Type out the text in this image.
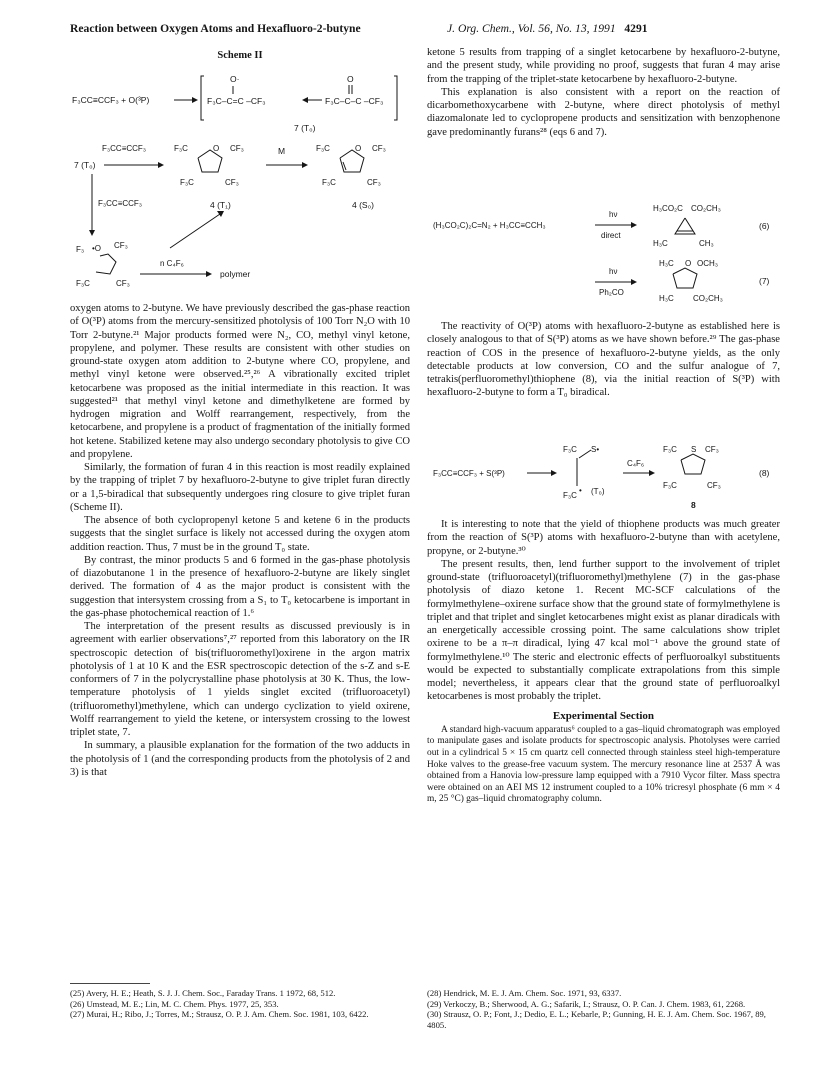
Reaction between Oxygen Atoms and Hexafluoro-2-butyne	J. Org. Chem., Vol. 56, No. 13, 1991 4291
Scheme II
F₃CC≡CCF₃ + O(³P)	F₃C–C=C –CF₃
O·
F₃C–C–C –CF₃
O
7 (T₀)
7 (T₀)
F₃CC≡CCF₃	F₃C	O CF₃
F₃C	CF₃
4 (T₁)
M	F₃C	O CF₃
F₃C	CF₃
4 (S₀)
F₃CC≡CCF₃
F₃ •O CF₃
F₃C	CF₃
n C₄F₆
polymer

oxygen atoms to 2-butyne. We have previously described the gas-phase reaction of O(³P) atoms from the mercury-sensitized photolysis of 100 Torr N₂O with 10 Torr 2-butyne.²¹ Major products formed were N₂, CO, methyl vinyl ketone, propylene, and polymer. These results are consistent with other studies on ground-state oxygen atom addition to 2-butyne where CO, propylene, and methyl vinyl ketone were observed.²⁵,²⁶ A vibrationally excited triplet ketocarbene was proposed as the initial intermediate in this reaction. It was suggested²¹ that methyl vinyl ketone and dimethylketene are formed by hydrogen migration and Wolff rearrangement, respectively, from the ketocarbene, and propylene is a product of fragmentation of the initially formed hot ketene. Stabilized ketene may also undergo secondary photolysis to give CO and propylene.

Similarly, the formation of furan 4 in this reaction is most readily explained by the trapping of triplet 7 by hexafluoro-2-butyne to give triplet furan directly or a 1,5-biradical that subsequently undergoes ring closure to give triplet furan (Scheme II).

The absence of both cyclopropenyl ketone 5 and ketene 6 in the products suggests that the singlet surface is likely not accessed during the oxygen atom addition reaction. Thus, 7 must be in the ground T₀ state.

By contrast, the minor products 5 and 6 formed in the gas-phase photolysis of diazobutanone 1 in the presence of hexafluoro-2-butyne are likely singlet derived. The formation of 4 as the major product is consistent with the suggestion that intersystem crossing from a S₁ to T₀ ketocarbene is important in the gas-phase photochemical reaction of 1.⁶

The interpretation of the present results as discussed previously is in agreement with earlier observations⁷,²⁷ reported from this laboratory on the IR spectroscopic detection of bis(trifluoromethyl)oxirene in the argon matrix photolysis of 1 at 10 K and the ESR spectroscopic detection of the s-Z and s-E conformers of 7 in the polycrystalline phase photolysis at 30 K. Thus, the low-temperature photolysis of 1 yields singlet excited (trifluoroacetyl)(trifluoromethyl)methylene, which can undergo cyclization to yield oxirene, Wolff rearrangement to yield the ketene, or intersystem crossing to the lowest triplet state, 7.

In summary, a plausible explanation for the formation of the two adducts in the photolysis of 1 (and the corresponding products from the photolysis of 2 and 3) is that

ketone 5 results from trapping of a singlet ketocarbene by hexafluoro-2-butyne, and the present study, while providing no proof, suggests that furan 4 may arise from the trapping of the triplet-state ketocarbene by hexafluoro-2-butyne.

This explanation is also consistent with a report on the reaction of dicarbomethoxycarbene with 2-butyne, where direct photolysis of methyl diazomalonate led to cyclopropene products and sensitization with benzophenone gave predominantly furans²⁸ (eqs 6 and 7).

(H₃CO₂C)₂C=N₂ + H₃CC≡CCH₃
hν
direct
H₃CO₂C CO₂CH₃
H₃C	CH₃
(6)
hν
Ph₂CO
H₃C O OCH₃
H₃C CO₂CH₃
(7)

The reactivity of O(³P) atoms with hexafluoro-2-butyne as established here is closely analogous to that of S(³P) atoms as we have shown before.²⁹ The gas-phase reaction of COS in the presence of hexafluoro-2-butyne yields, as the only detectable products at low conversion, CO and the sulfur analogue of 7, tetrakis(perfluoromethyl)thiophene (8), via the initial reaction of S(³P) with hexafluoro-2-butyne to form a T₀ biradical.

F₃CC≡CCF₃ + S(³P)
F₃C S•
F₃C
• (T₀)
C₄F₆
F₃C S CF₃
F₃C	CF₃
(8)
8

It is interesting to note that the yield of thiophene products was much greater from the reaction of S(³P) atoms with hexafluoro-2-butyne than with acetylene, propyne, or 2-butyne.³⁰

The present results, then, lend further support to the involvement of triplet ground-state (trifluoroacetyl)(trifluoromethyl)methylene (7) in the gas-phase photolysis of diazo ketone 1. Recent MC-SCF calculations of the formylmethylene–oxirene surface show that the ground state of formylmethylene is triplet and that triplet and singlet ketocarbenes might exist as planar diradicals with an energetically accessible crossing point. The same calculations show triplet oxirene to be a π–π diradical, lying 47 kcal mol⁻¹ above the ground state of formylmethylene.¹⁰ The steric and electronic effects of perfluoroalkyl substituents would be expected to substantially complicate extrapolations from this simple model; nevertheless, it appears clear that the ground state of perfluoroalkyl ketocarbenes is most probably the triplet.

Experimental Section

A standard high-vacuum apparatus⁶ coupled to a gas–liquid chromatograph was employed to manipulate gases and isolate products for spectroscopic analysis. Photolyses were carried out in a cylindrical 5 × 15 cm quartz cell connected through stainless steel high-temperature Hoke valves to the grease-free vacuum system. The mercury resonance line at 2537 Å was obtained from a Hanovia low-pressure lamp equipped with a 7910 Vycor filter. Mass spectra were obtained on an AEI MS 12 instrument coupled to a 10% tricresyl phosphate (6 mm × 4 m, 25 °C) gas–liquid chromatography column.

(25) Avery, H. E.; Heath, S. J. J. Chem. Soc., Faraday Trans. 1 1972, 68, 512.
(26) Umstead, M. E.; Lin, M. C. Chem. Phys. 1977, 25, 353.
(27) Murai, H.; Ribo, J.; Torres, M.; Strausz, O. P. J. Am. Chem. Soc. 1981, 103, 6422.
(28) Hendrick, M. E. J. Am. Chem. Soc. 1971, 93, 6337.
(29) Verkoczy, B.; Sherwood, A. G.; Safarik, I.; Strausz, O. P. Can. J. Chem. 1983, 61, 2268.
(30) Strausz, O. P.; Font, J.; Dedio, E. L.; Kebarle, P.; Gunning, H. E. J. Am. Chem. Soc. 1967, 89, 4805.
